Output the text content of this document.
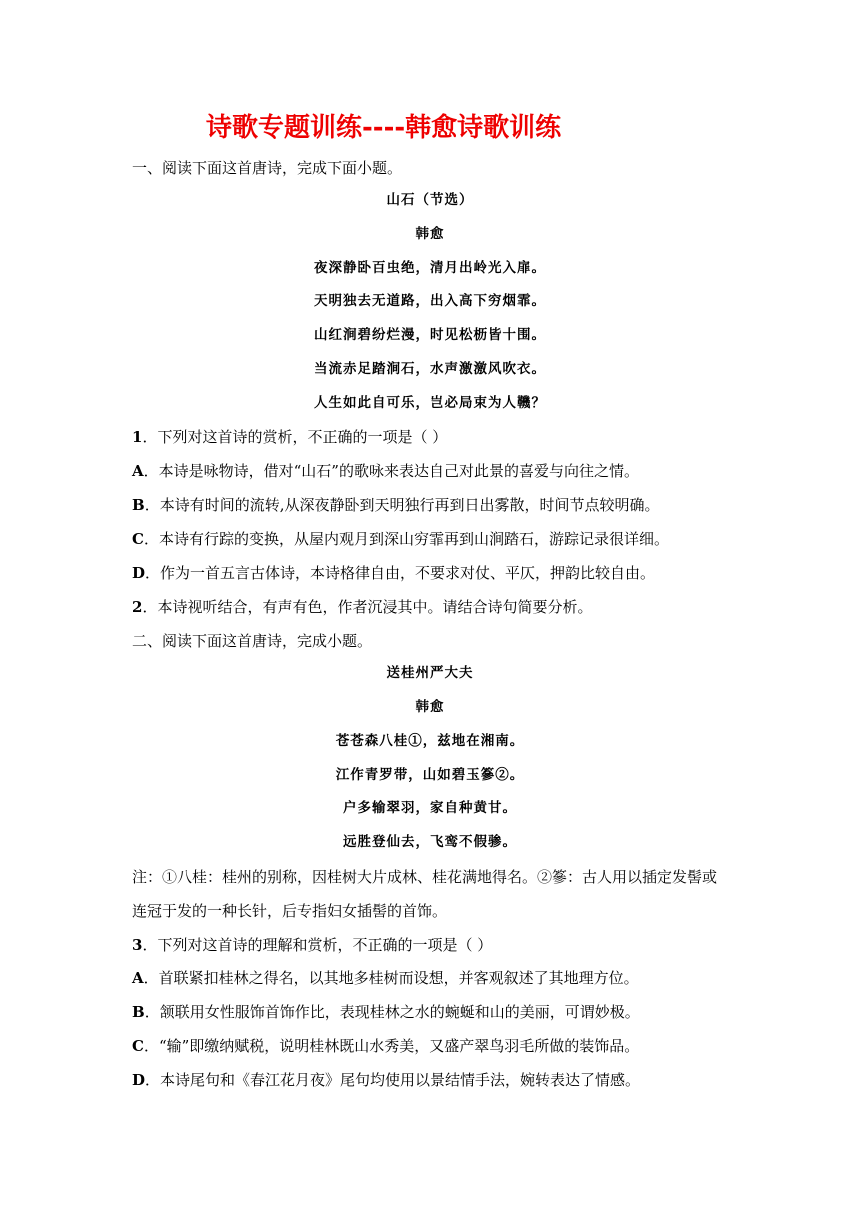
诗歌专题训练----韩愈诗歌训练
一、阅读下面这首唐诗，完成下面小题。
山石（节选）
韩愈
夜深静卧百虫绝，清月出岭光入扉。
天明独去无道路，出入高下穷烟霏。
山红涧碧纷烂漫，时见松枥皆十围。
当流赤足踏涧石，水声激激风吹衣。
人生如此自可乐，岂必局束为人鞿？
1．下列对这首诗的赏析，不正确的一项是（ ）
A．本诗是咏物诗，借对“山石”的歌咏来表达自己对此景的喜爱与向往之情。
B．本诗有时间的流转,从深夜静卧到天明独行再到日出雾散，时间节点较明确。
C．本诗有行踪的变换，从屋内观月到深山穷霏再到山涧踏石，游踪记录很详细。
D．作为一首五言古体诗，本诗格律自由，不要求对仗、平仄，押韵比较自由。
2．本诗视听结合，有声有色，作者沉浸其中。请结合诗句简要分析。
二、阅读下面这首唐诗，完成小题。
送桂州严大夫
韩愈
苍苍森八桂①，兹地在湘南。
江作青罗带，山如碧玉篸②。
户多输翠羽，家自种黄甘。
远胜登仙去，飞鸾不假骖。
注：①八桂：桂州的别称，因桂树大片成林、桂花满地得名。②篸：古人用以插定发髻或
连冠于发的一种长针，后专指妇女插髻的首饰。
3．下列对这首诗的理解和赏析，不正确的一项是（ ）
A．首联紧扣桂林之得名，以其地多桂树而设想，并客观叙述了其地理方位。
B．颔联用女性服饰首饰作比，表现桂林之水的蜿蜒和山的美丽，可谓妙极。
C．“输”即缴纳赋税，说明桂林既山水秀美，又盛产翠鸟羽毛所做的装饰品。
D．本诗尾句和《春江花月夜》尾句均使用以景结情手法，婉转表达了情感。
